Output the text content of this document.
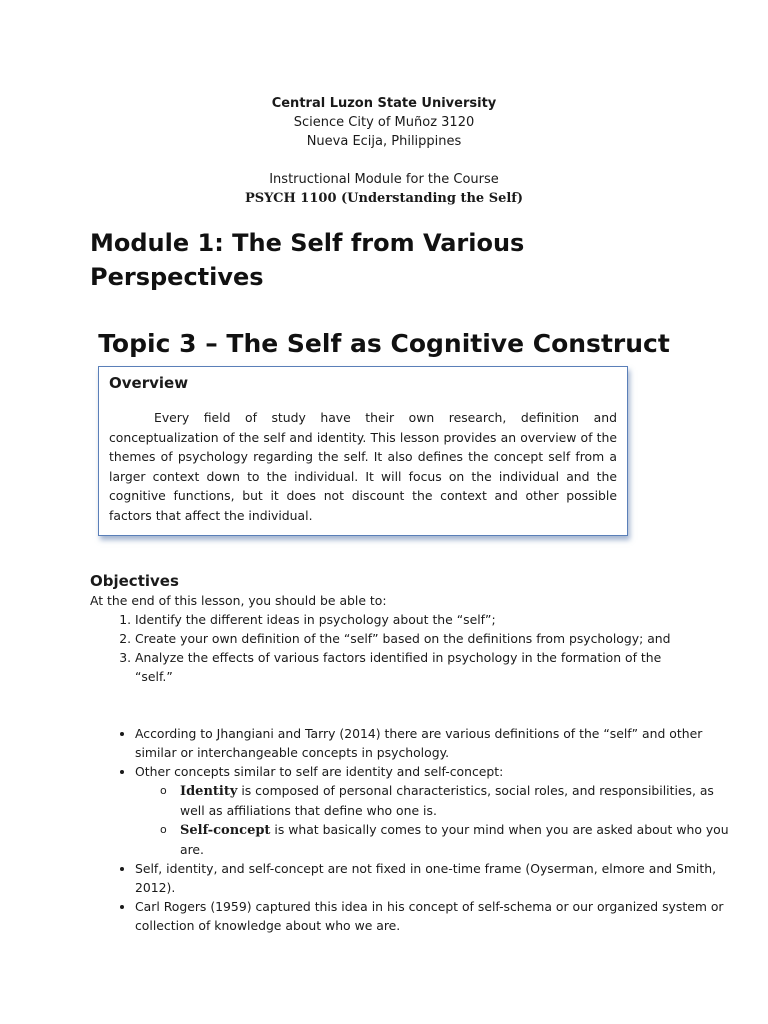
Central Luzon State University
Science City of Muñoz 3120
Nueva Ecija, Philippines
Instructional Module for the Course
PSYCH 1100 (Understanding the Self)
Module 1: The Self from Various Perspectives
Topic 3 – The Self as Cognitive Construct

Overview

Every field of study have their own research, definition and conceptualization of the self and identity. This lesson provides an overview of the themes of psychology regarding the self. It also defines the concept self from a larger context down to the individual. It will focus on the individual and the cognitive functions, but it does not discount the context and other possible factors that affect the individual.

Objectives

At the end of this lesson, you should be able to:

1. Identify the different ideas in psychology about the “self”;
2. Create your own definition of the “self” based on the definitions from psychology; and
3. Analyze the effects of various factors identified in psychology in the formation of the “self.”
• According to Jhangiani and Tarry (2014) there are various definitions of the “self” and other similar or interchangeable concepts in psychology.
• Other concepts similar to self are identity and self-concept:
o Identity is composed of personal characteristics, social roles, and responsibilities, as well as affiliations that define who one is.
o Self-concept is what basically comes to your mind when you are asked about who you are.
• Self, identity, and self-concept are not fixed in one-time frame (Oyserman, elmore and Smith, 2012).
• Carl Rogers (1959) captured this idea in his concept of self-schema or our organized system or collection of knowledge about who we are.
